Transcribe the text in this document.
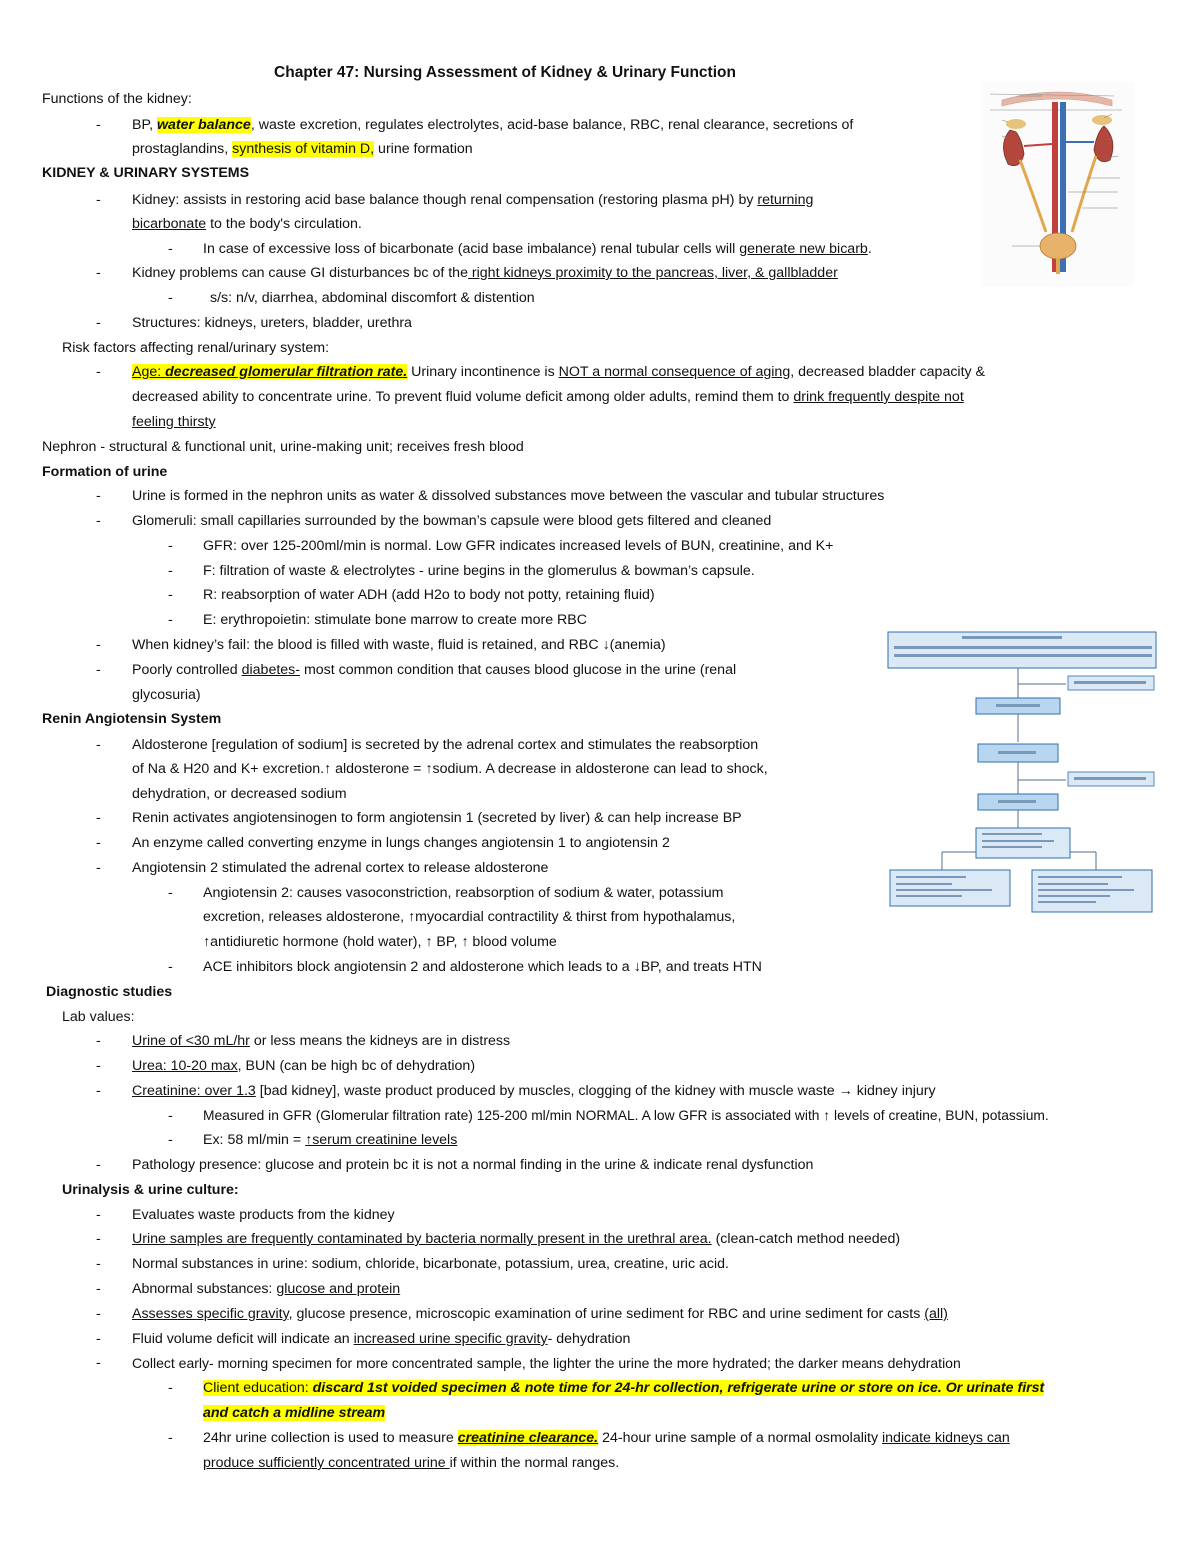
Chapter 47: Nursing Assessment of Kidney & Urinary Function
Functions of the kidney:
- BP, water balance, waste excretion, regulates electrolytes, acid-base balance, RBC, renal clearance, secretions of
prostaglandins, synthesis of vitamin D, urine formation
KIDNEY & URINARY SYSTEMS
- Kidney: assists in restoring acid base balance though renal compensation (restoring plasma pH) by returning
bicarbonate to the body's circulation.
- In case of excessive loss of bicarbonate (acid base imbalance) renal tubular cells will generate new bicarb.
- Kidney problems can cause GI disturbances bc of the right kidneys proximity to the pancreas, liver, & gallbladder
-	s/s: n/v, diarrhea, abdominal discomfort & distention
- Structures: kidneys, ureters, bladder, urethra
Risk factors affecting renal/urinary system:
- Age: decreased glomerular filtration rate. Urinary incontinence is NOT a normal consequence of aging, decreased bladder capacity &
decreased ability to concentrate urine. To prevent fluid volume deficit among older adults, remind them to drink frequently despite not
feeling thirsty
Nephron - structural & functional unit, urine-making unit; receives fresh blood
Formation of urine
- Urine is formed in the nephron units as water & dissolved substances move between the vascular and tubular structures
- Glomeruli: small capillaries surrounded by the bowman’s capsule were blood gets filtered and cleaned
- GFR: over 125-200ml/min is normal. Low GFR indicates increased levels of BUN, creatinine, and K+
- F: filtration of waste & electrolytes - urine begins in the glomerulus & bowman’s capsule.
- R: reabsorption of water ADH (add H2o to body not potty, retaining fluid)
- E: erythropoietin: stimulate bone marrow to create more RBC
- When kidney’s fail: the blood is filled with waste, fluid is retained, and RBC ↓(anemia)
- Poorly controlled diabetes- most common condition that causes blood glucose in the urine (renal
glycosuria)
Renin Angiotensin System
- Aldosterone [regulation of sodium] is secreted by the adrenal cortex and stimulates the reabsorption
of Na & H20 and K+ excretion.↑ aldosterone = ↑sodium. A decrease in aldosterone can lead to shock,
dehydration, or decreased sodium
- Renin activates angiotensinogen to form angiotensin 1 (secreted by liver) & can help increase BP
- An enzyme called converting enzyme in lungs changes angiotensin 1 to angiotensin 2
- Angiotensin 2 stimulated the adrenal cortex to release aldosterone
- Angiotensin 2: causes vasoconstriction, reabsorption of sodium & water, potassium
excretion, releases aldosterone, ↑myocardial contractility & thirst from hypothalamus,
↑antidiuretic hormone (hold water), ↑ BP, ↑ blood volume
- ACE inhibitors block angiotensin 2 and aldosterone which leads to a ↓BP, and treats HTN
Diagnostic studies
Lab values:
- Urine of <30 mL/hr or less means the kidneys are in distress
- Urea: 10-20 max, BUN (can be high bc of dehydration)
- Creatinine: over 1.3 [bad kidney], waste product produced by muscles, clogging of the kidney with muscle waste → kidney injury
- Measured in GFR (Glomerular filtration rate) 125-200 ml/min NORMAL. A low GFR is associated with ↑ levels of creatine, BUN, potassium.
- Ex: 58 ml/min = ↑serum creatinine levels
- Pathology presence: glucose and protein bc it is not a normal finding in the urine & indicate renal dysfunction
Urinalysis & urine culture:
- Evaluates waste products from the kidney
- Urine samples are frequently contaminated by bacteria normally present in the urethral area. (clean-catch method needed)
- Normal substances in urine: sodium, chloride, bicarbonate, potassium, urea, creatine, uric acid.
- Abnormal substances: glucose and protein
- Assesses specific gravity, glucose presence, microscopic examination of urine sediment for RBC and urine sediment for casts (all)
- Fluid volume deficit will indicate an increased urine specific gravity- dehydration
- Collect early- morning specimen for more concentrated sample, the lighter the urine the more hydrated; the darker means dehydration
- Client education: discard 1st voided specimen & note time for 24-hr collection, refrigerate urine or store on ice. Or urinate first
and catch a midline stream
- 24hr urine collection is used to measure creatinine clearance. 24-hour urine sample of a normal osmolality indicate kidneys can
produce sufficiently concentrated urine if within the normal ranges.
